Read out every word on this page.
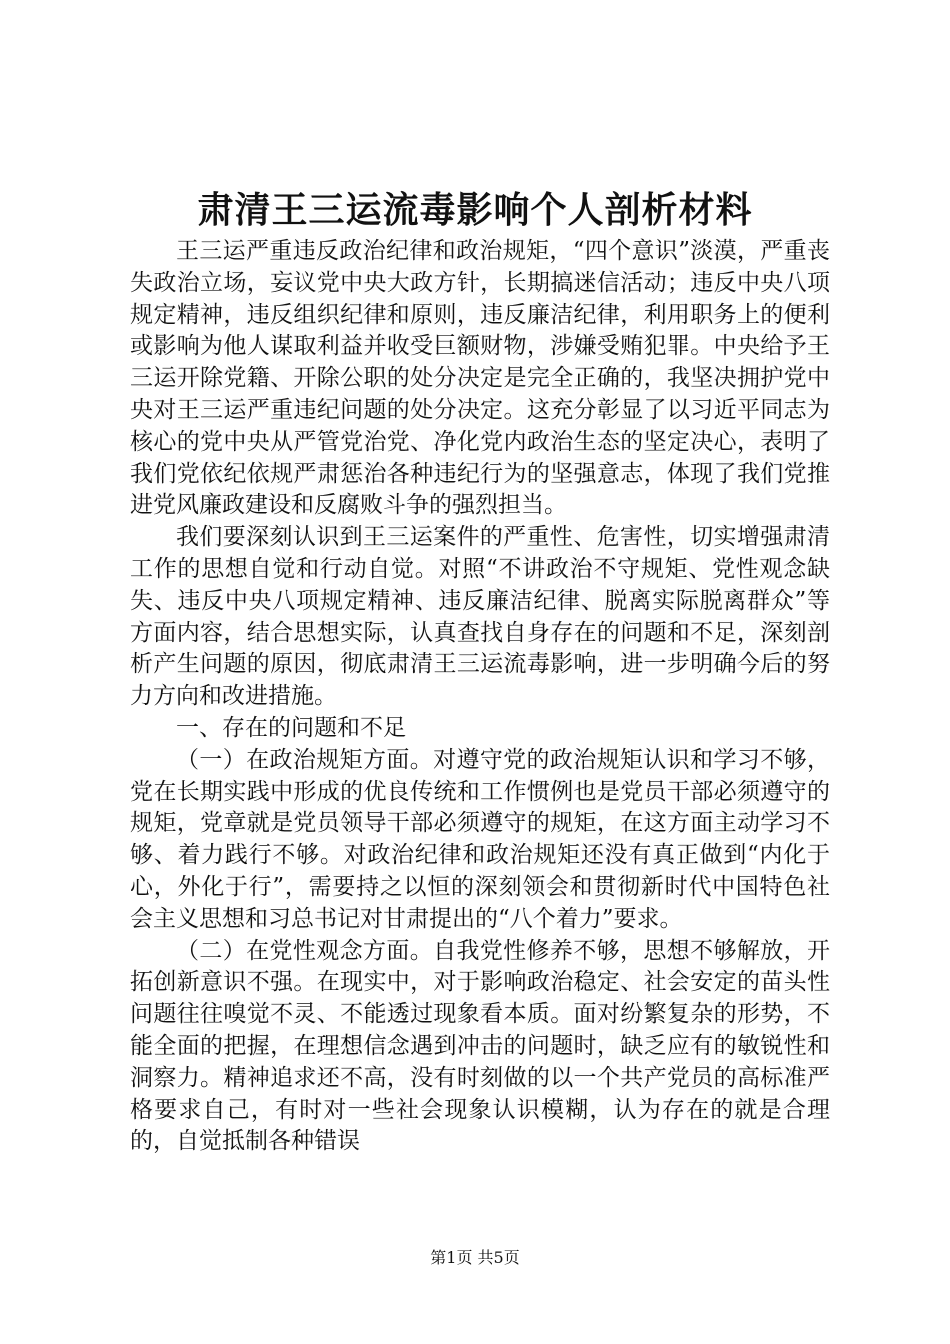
肃清王三运流毒影响个人剖析材料

王三运严重违反政治纪律和政治规矩，“四个意识”淡漠，严重丧失政治立场，妄议党中央大政方针，长期搞迷信活动；违反中央八项规定精神，违反组织纪律和原则，违反廉洁纪律，利用职务上的便利或影响为他人谋取利益并收受巨额财物，涉嫌受贿犯罪。中央给予王三运开除党籍、开除公职的处分决定是完全正确的，我坚决拥护党中央对王三运严重违纪问题的处分决定。这充分彰显了以习近平同志为核心的党中央从严管党治党、净化党内政治生态的坚定决心，表明了我们党依纪依规严肃惩治各种违纪行为的坚强意志，体现了我们党推进党风廉政建设和反腐败斗争的强烈担当。

我们要深刻认识到王三运案件的严重性、危害性，切实增强肃清工作的思想自觉和行动自觉。对照“不讲政治不守规矩、党性观念缺失、违反中央八项规定精神、违反廉洁纪律、脱离实际脱离群众”等方面内容，结合思想实际，认真查找自身存在的问题和不足，深刻剖析产生问题的原因，彻底肃清王三运流毒影响，进一步明确今后的努力方向和改进措施。

一、存在的问题和不足

（一）在政治规矩方面。对遵守党的政治规矩认识和学习不够，党在长期实践中形成的优良传统和工作惯例也是党员干部必须遵守的规矩，党章就是党员领导干部必须遵守的规矩，在这方面主动学习不够、着力践行不够。对政治纪律和政治规矩还没有真正做到“内化于心，外化于行”，需要持之以恒的深刻领会和贯彻新时代中国特色社会主义思想和习总书记对甘肃提出的“八个着力”要求。

（二）在党性观念方面。自我党性修养不够，思想不够解放，开拓创新意识不强。在现实中，对于影响政治稳定、社会安定的苗头性问题往往嗅觉不灵、不能透过现象看本质。面对纷繁复杂的形势，不能全面的把握，在理想信念遇到冲击的问题时，缺乏应有的敏锐性和洞察力。精神追求还不高，没有时刻做的以一个共产党员的高标准严格要求自己，有时对一些社会现象认识模糊，认为存在的就是合理的，自觉抵制各种错误

第1页 共5页
